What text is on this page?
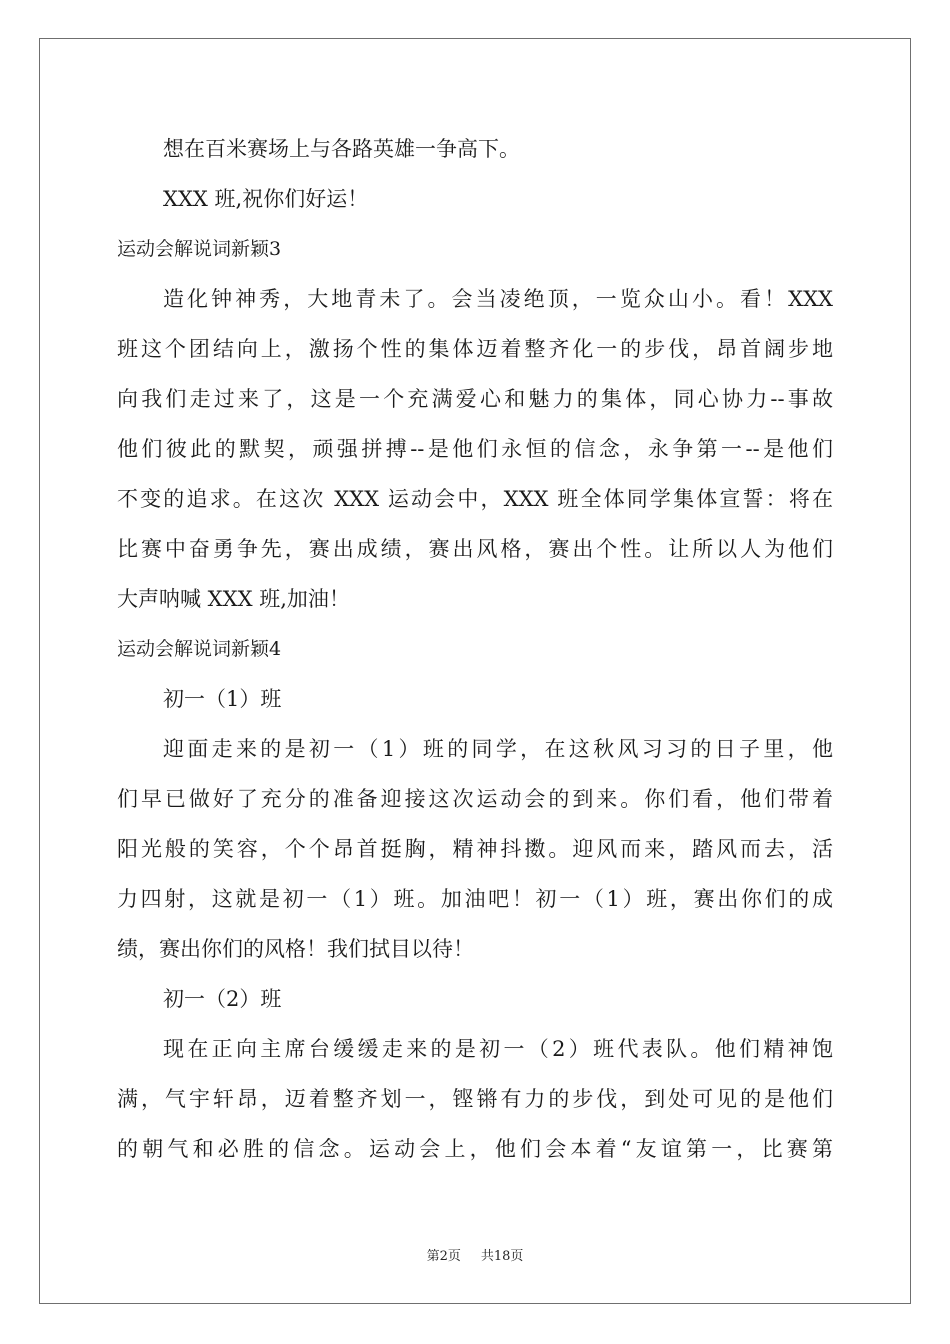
想在百米赛场上与各路英雄一争高下。
XXX 班,祝你们好运！
运动会解说词新颖3
造化钟神秀，大地青未了。会当凌绝顶，一览众山小。看！XXX
班这个团结向上，激扬个性的集体迈着整齐化一的步伐，昂首阔步地
向我们走过来了，这是一个充满爱心和魅力的集体，同心协力--事故
他们彼此的默契，顽强拼搏--是他们永恒的信念，永争第一--是他们
不变的追求。在这次 XXX 运动会中，XXX 班全体同学集体宣誓：将在
比赛中奋勇争先，赛出成绩，赛出风格，赛出个性。让所以人为他们
大声呐喊 XXX 班,加油！
运动会解说词新颖4
初一（1）班
迎面走来的是初一（1）班的同学，在这秋风习习的日子里，他
们早已做好了充分的准备迎接这次运动会的到来。你们看，他们带着
阳光般的笑容，个个昂首挺胸，精神抖擞。迎风而来，踏风而去，活
力四射，这就是初一（1）班。加油吧！初一（1）班，赛出你们的成
绩，赛出你们的风格！我们拭目以待！
初一（2）班
现在正向主席台缓缓走来的是初一（2）班代表队。他们精神饱
满，气宇轩昂，迈着整齐划一，铿锵有力的步伐，到处可见的是他们
的朝气和必胜的信念。运动会上，他们会本着“友谊第一，比赛第
第2页 共18页
